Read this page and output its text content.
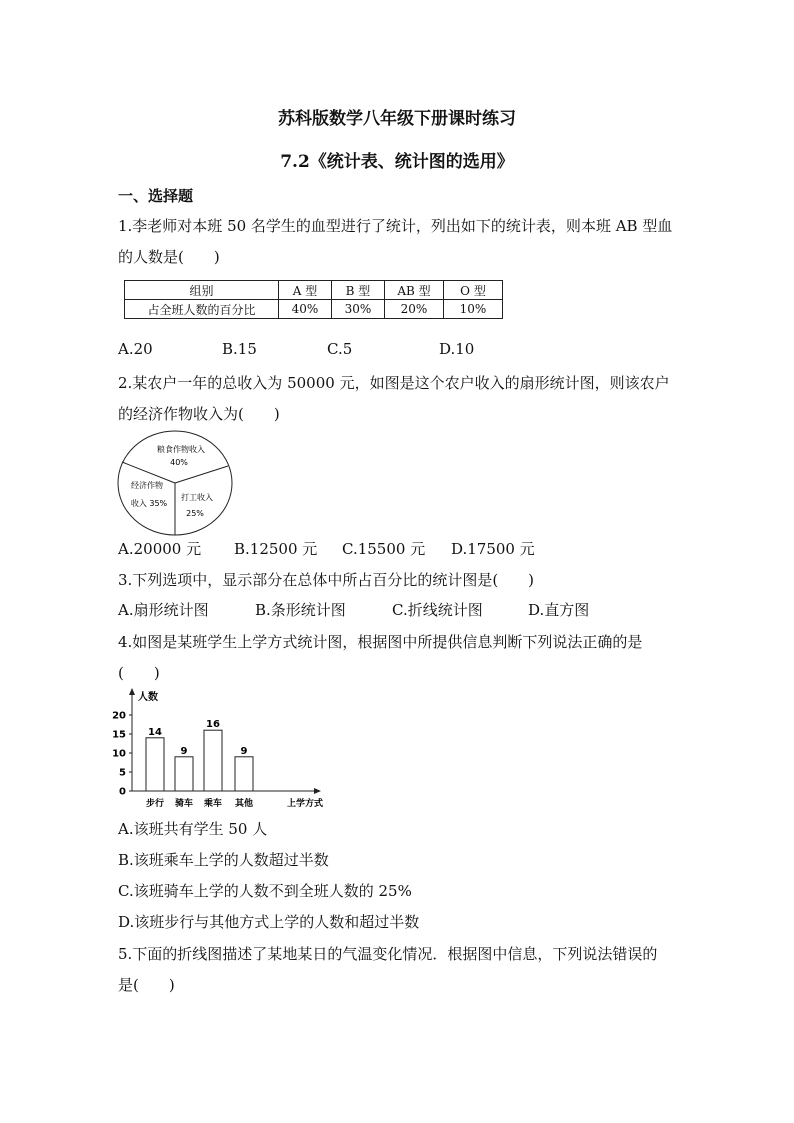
苏科版数学八年级下册课时练习
7.2《统计表、统计图的选用》
一、选择题
1.李老师对本班 50 名学生的血型进行了统计，列出如下的统计表，则本班 AB 型血
的人数是(　　)
组别	A 型	B 型	AB 型	O 型
占全班人数的百分比	40%	30%	20%	10%
A.20	B.15	C.5	D.10
2.某农户一年的总收入为 50000 元，如图是这个农户收入的扇形统计图，则该农户
的经济作物收入为(　　)
粮食作物收入
40%
打工收入
25%
经济作物
收入 35%
A.20000 元 B.12500 元 C.15500 元 D.17500 元
3.下列选项中，显示部分在总体中所占百分比的统计图是(　　)
A.扇形统计图	B.条形统计图	C.折线统计图	D.直方图
4.如图是某班学生上学方式统计图，根据图中所提供信息判断下列说法正确的是
(　　)
人数
上学方式
0
5
10
15
20
14
步行
9
骑车
16
乘车
9
其他
A.该班共有学生 50 人
B.该班乘车上学的人数超过半数
C.该班骑车上学的人数不到全班人数的 25%
D.该班步行与其他方式上学的人数和超过半数
5.下面的折线图描述了某地某日的气温变化情况．根据图中信息，下列说法错误的
是(　　)
